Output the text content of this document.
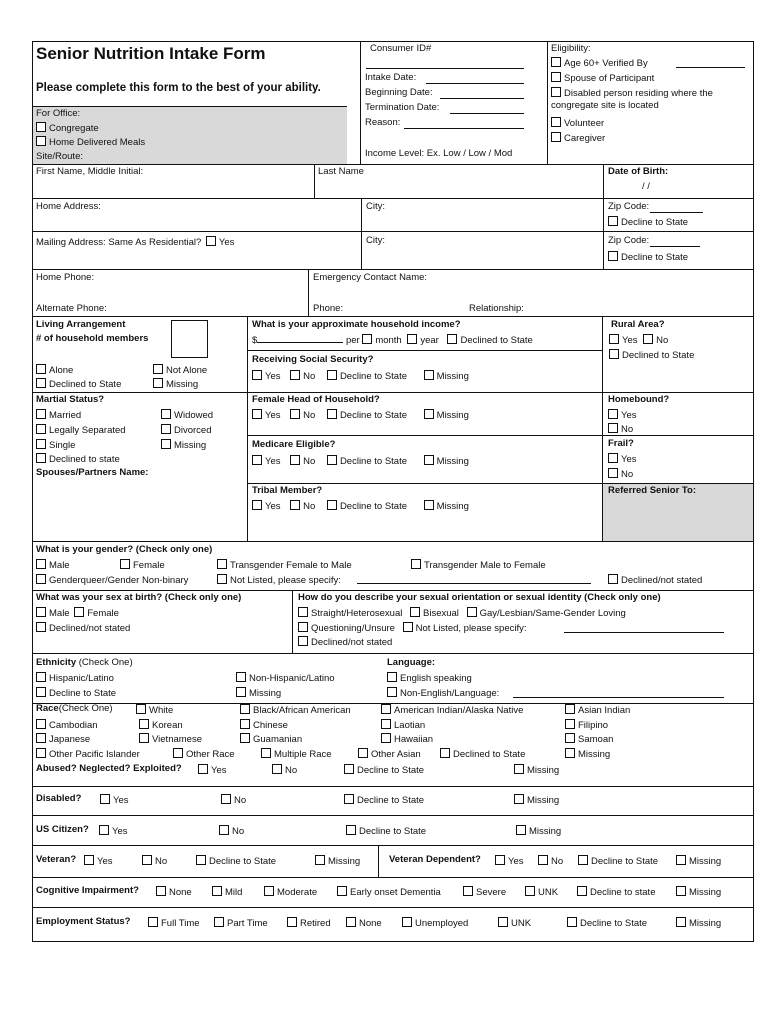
Senior Nutrition Intake Form
Please complete this form to the best of your ability.
For Office:
Congregate
Home Delivered Meals
Site/Route:
Consumer ID#
Intake Date:
Beginning Date:
Termination Date:
Reason:
Income Level: Ex. Low / Low / Mod
Eligibility:
Age 60+ Verified By
Spouse of Participant
Disabled person residing where the
congregate site is located
Volunteer
Caregiver
First Name, Middle Initial:	Last Name	Date of Birth:
/ /
Home Address:	City:	Zip Code:
Decline to State
Mailing Address: Same As Residential? Yes	City:	Zip Code:
Decline to State
Home Phone:
Alternate Phone:
Emergency Contact Name:
Phone:	Relationship:
Living Arrangement
# of household members
Alone	Not Alone
Declined to State	Missing
What is your approximate household income?
$	per month year Declined to State
Rural Area?
Yes No
Declined to State
Receiving Social Security?
Yes No	Decline to State	Missing
Martial Status?
Married	Widowed
Legally Separated	Divorced
Single	Missing
Declined to state
Spouses/Partners Name:
Female Head of Household?
Yes No	Decline to State	Missing
Homebound?
Yes
No
Medicare Eligible?
Yes No	Decline to State	Missing
Frail?
Yes
No
Tribal Member?
Yes No	Decline to State	Missing
Referred Senior To:
What is your gender? (Check only one)
Male	Female	Transgender Female to Male	Transgender Male to Female
Genderqueer/Gender Non-binary	Not Listed, please specify:	Declined/not stated
What was your sex at birth? (Check only one)
Male Female
Declined/not stated
How do you describe your sexual orientation or sexual identity (Check only one)
Straight/Heterosexual Bisexual Gay/Lesbian/Same-Gender Loving
Questioning/Unsure Not Listed, please specify:
Declined/not stated
Ethnicity (Check One)
Hispanic/Latino	Non-Hispanic/Latino
Decline to State	Missing
Language:
English speaking
Non-English/Language:
Race(Check One)	White	Black/African American	American Indian/Alaska Native	Asian Indian
Cambodian	Korean	Chinese	Laotian	Filipino
Japanese	Vietnamese	Guamanian	Hawaiian	Samoan
Other Pacific Islander	Other Race	Multiple Race	Other Asian	Declined to State	Missing
Abused? Neglected? Exploited?	Yes	No	Decline to State	Missing
Disabled?	Yes	No	Decline to State	Missing
US Citizen?	Yes	No	Decline to State	Missing
Veteran?	Yes	No	Decline to State	Missing	Veteran Dependent?	Yes	No	Decline to State	Missing
Cognitive Impairment?	None	Mild	Moderate	Early onset Dementia	Severe	UNK	Decline to state	Missing
Employment Status?	Full Time	Part Time	Retired	None	Unemployed	UNK	Decline to State	Missing
